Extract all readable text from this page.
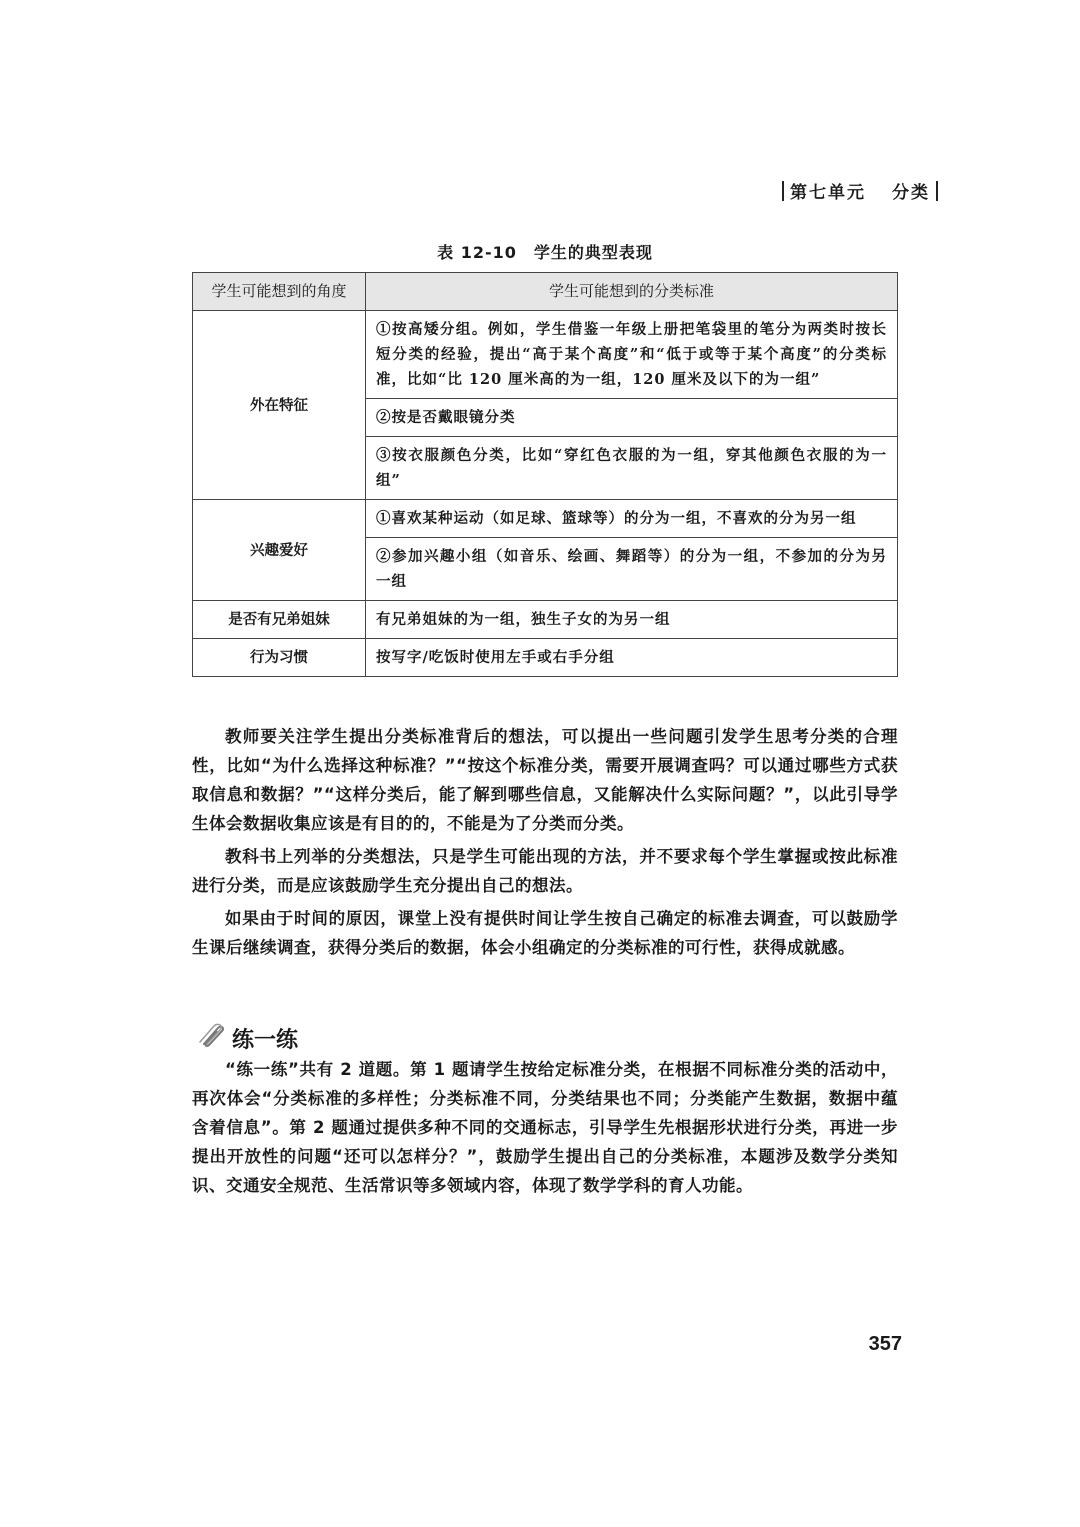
第七单元 分类
表 12-10　学生的典型表现
学生可能想到的角度	学生可能想到的分类标准
外在特征	①按高矮分组。例如，学生借鉴一年级上册把笔袋里的笔分为两类时按长短分类的经验，提出“高于某个高度”和“低于或等于某个高度”的分类标准，比如“比 120 厘米高的为一组，120 厘米及以下的为一组”
	②按是否戴眼镜分类
	③按衣服颜色分类，比如“穿红色衣服的为一组，穿其他颜色衣服的为一组”
兴趣爱好	①喜欢某种运动（如足球、篮球等）的分为一组，不喜欢的分为另一组
	②参加兴趣小组（如音乐、绘画、舞蹈等）的分为一组，不参加的分为另一组
是否有兄弟姐妹	有兄弟姐妹的为一组，独生子女的为另一组
行为习惯	按写字/吃饭时使用左手或右手分组

教师要关注学生提出分类标准背后的想法，可以提出一些问题引发学生思考分类的合理性，比如“为什么选择这种标准？”“按这个标准分类，需要开展调查吗？可以通过哪些方式获取信息和数据？”“这样分类后，能了解到哪些信息，又能解决什么实际问题？”，以此引导学生体会数据收集应该是有目的的，不能是为了分类而分类。

教科书上列举的分类想法，只是学生可能出现的方法，并不要求每个学生掌握或按此标准进行分类，而是应该鼓励学生充分提出自己的想法。

如果由于时间的原因，课堂上没有提供时间让学生按自己确定的标准去调查，可以鼓励学生课后继续调查，获得分类后的数据，体会小组确定的分类标准的可行性，获得成就感。

练一练

“练一练”共有 2 道题。第 1 题请学生按给定标准分类，在根据不同标准分类的活动中，再次体会“分类标准的多样性；分类标准不同，分类结果也不同；分类能产生数据，数据中蕴含着信息”。第 2 题通过提供多种不同的交通标志，引导学生先根据形状进行分类，再进一步提出开放性的问题“还可以怎样分？”，鼓励学生提出自己的分类标准，本题涉及数学分类知识、交通安全规范、生活常识等多领域内容，体现了数学学科的育人功能。

357
